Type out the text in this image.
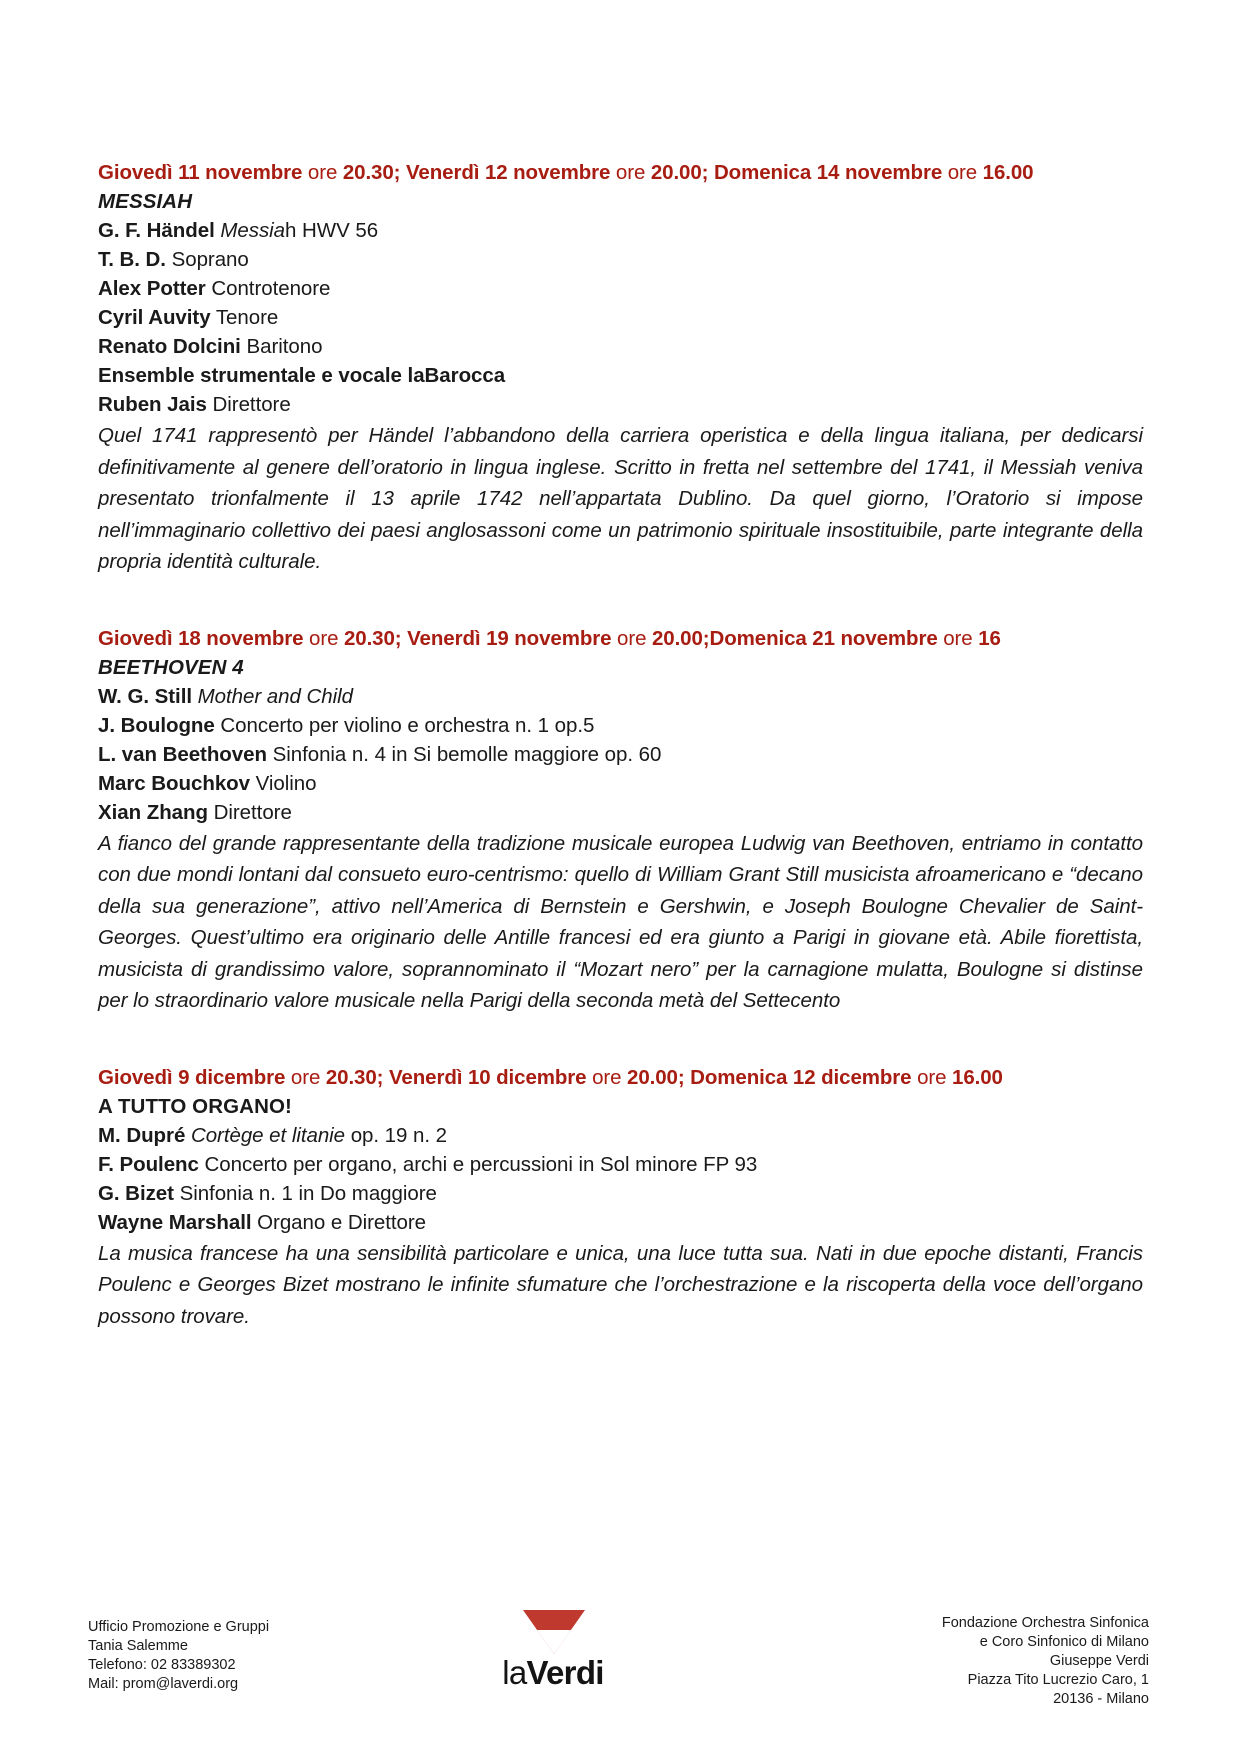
Giovedì 11 novembre ore 20.30; Venerdì 12 novembre ore 20.00; Domenica 14 novembre ore 16.00
MESSIAH
G. F. Händel Messiah HWV 56
T. B. D. Soprano
Alex Potter Controtenore
Cyril Auvity Tenore
Renato Dolcini Baritono
Ensemble strumentale e vocale laBarocca
Ruben Jais Direttore
Quel 1741 rappresentò per Händel l’abbandono della carriera operistica e della lingua italiana, per dedicarsi definitivamente al genere dell’oratorio in lingua inglese. Scritto in fretta nel settembre del 1741, il Messiah veniva presentato trionfalmente il 13 aprile 1742 nell’appartata Dublino. Da quel giorno, l’Oratorio si impose nell’immaginario collettivo dei paesi anglosassoni come un patrimonio spirituale insostituibile, parte integrante della propria identità culturale.
Giovedì 18 novembre ore 20.30; Venerdì 19 novembre ore 20.00;Domenica 21 novembre ore 16
BEETHOVEN 4
W. G. Still Mother and Child
J. Boulogne Concerto per violino e orchestra n. 1 op.5
L. van Beethoven Sinfonia n. 4 in Si bemolle maggiore op. 60
Marc Bouchkov Violino
Xian Zhang Direttore
A fianco del grande rappresentante della tradizione musicale europea Ludwig van Beethoven, entriamo in contatto con due mondi lontani dal consueto euro-centrismo: quello di William Grant Still musicista afroamericano e “decano della sua generazione”, attivo nell’America di Bernstein e Gershwin, e Joseph Boulogne Chevalier de Saint-Georges. Quest’ultimo era originario delle Antille francesi ed era giunto a Parigi in giovane età. Abile fiorettista, musicista di grandissimo valore, soprannominato il “Mozart nero” per la carnagione mulatta, Boulogne si distinse per lo straordinario valore musicale nella Parigi della seconda metà del Settecento
Giovedì 9 dicembre ore 20.30; Venerdì 10 dicembre ore 20.00; Domenica 12 dicembre ore 16.00
A TUTTO ORGANO!
M. Dupré Cortège et litanie op. 19 n. 2
F. Poulenc Concerto per organo, archi e percussioni in Sol minore FP 93
G. Bizet Sinfonia n. 1 in Do maggiore
Wayne Marshall Organo e Direttore
La musica francese ha una sensibilità particolare e unica, una luce tutta sua. Nati in due epoche distanti, Francis Poulenc e Georges Bizet mostrano le infinite sfumature che l’orchestrazione e la riscoperta della voce dell’organo possono trovare.
Ufficio Promozione e Gruppi
Tania Salemme
Telefono: 02 83389302
Mail: prom@laverdi.org	laVerdi
Fondazione Orchestra Sinfonica
e Coro Sinfonico di Milano
Giuseppe Verdi
Piazza Tito Lucrezio Caro, 1
20136 - Milano
